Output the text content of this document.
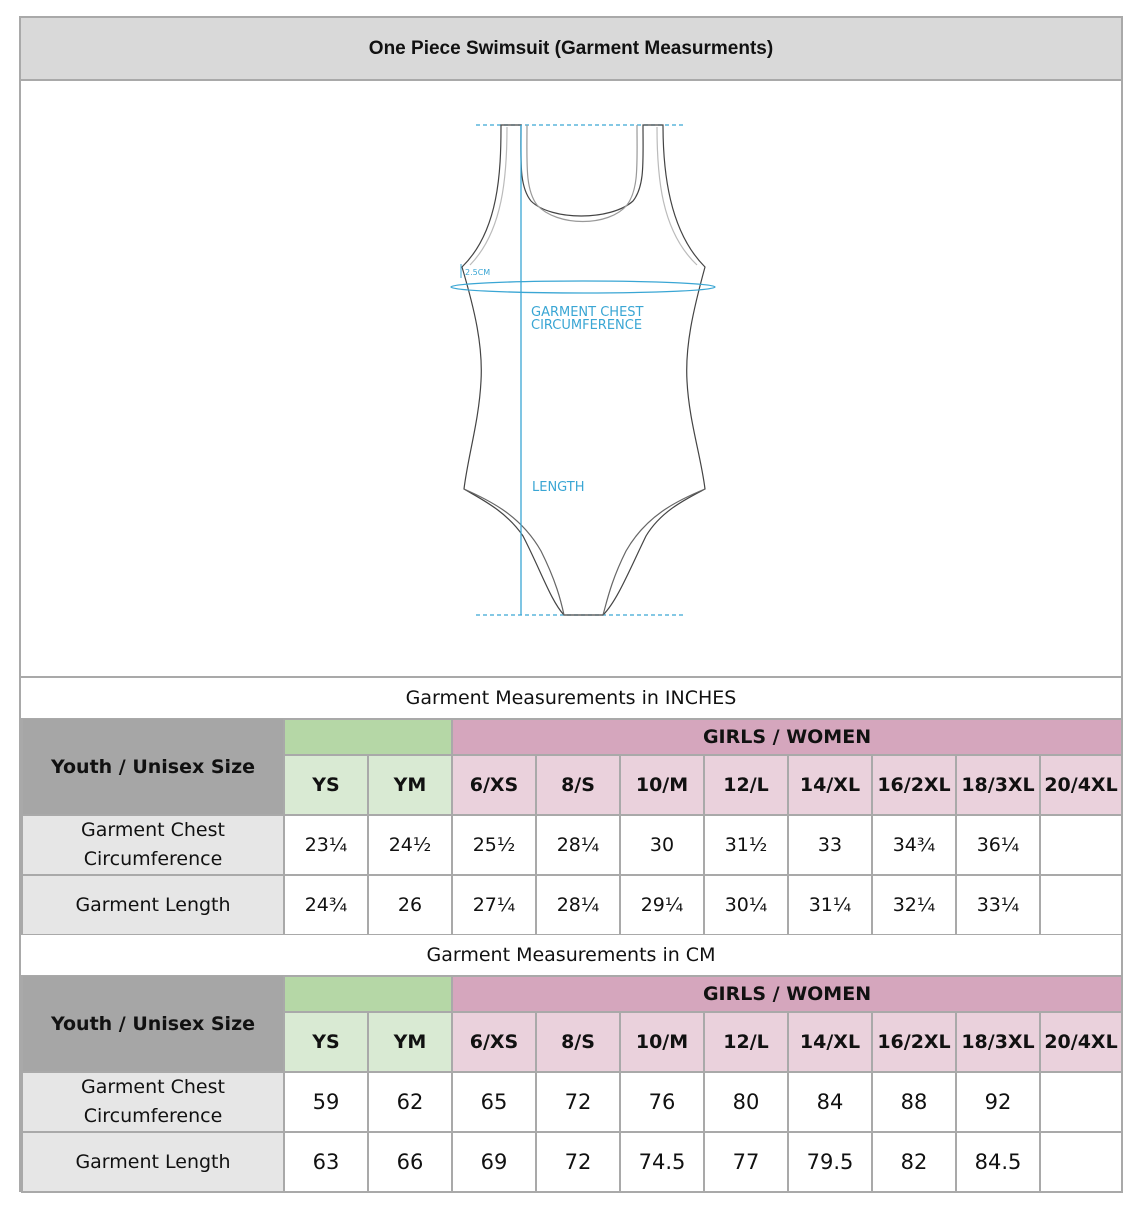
One Piece Swimsuit (Garment Measurments)
2.5CM
GARMENT CHEST
CIRCUMFERENCE
LENGTH
Garment Measurements in INCHES
Youth / Unisex Size			GIRLS / WOMEN							
	YS	YM	6/XS	8/S	10/M	12/L	14/XL	16/2XL	18/3XL	20/4XL
Garment Chest
Circumference	23¼	24½	25½	28¼	30	31½	33	34¾	36¼	
Garment Length	24¾	26	27¼	28¼	29¼	30¼	31¼	32¼	33¼	
Garment Measurements in CM
Youth / Unisex Size			GIRLS / WOMEN							
	YS	YM	6/XS	8/S	10/M	12/L	14/XL	16/2XL	18/3XL	20/4XL
Garment Chest
Circumference	59	62	65	72	76	80	84	88	92	
Garment Length	63	66	69	72	74.5	77	79.5	82	84.5	
